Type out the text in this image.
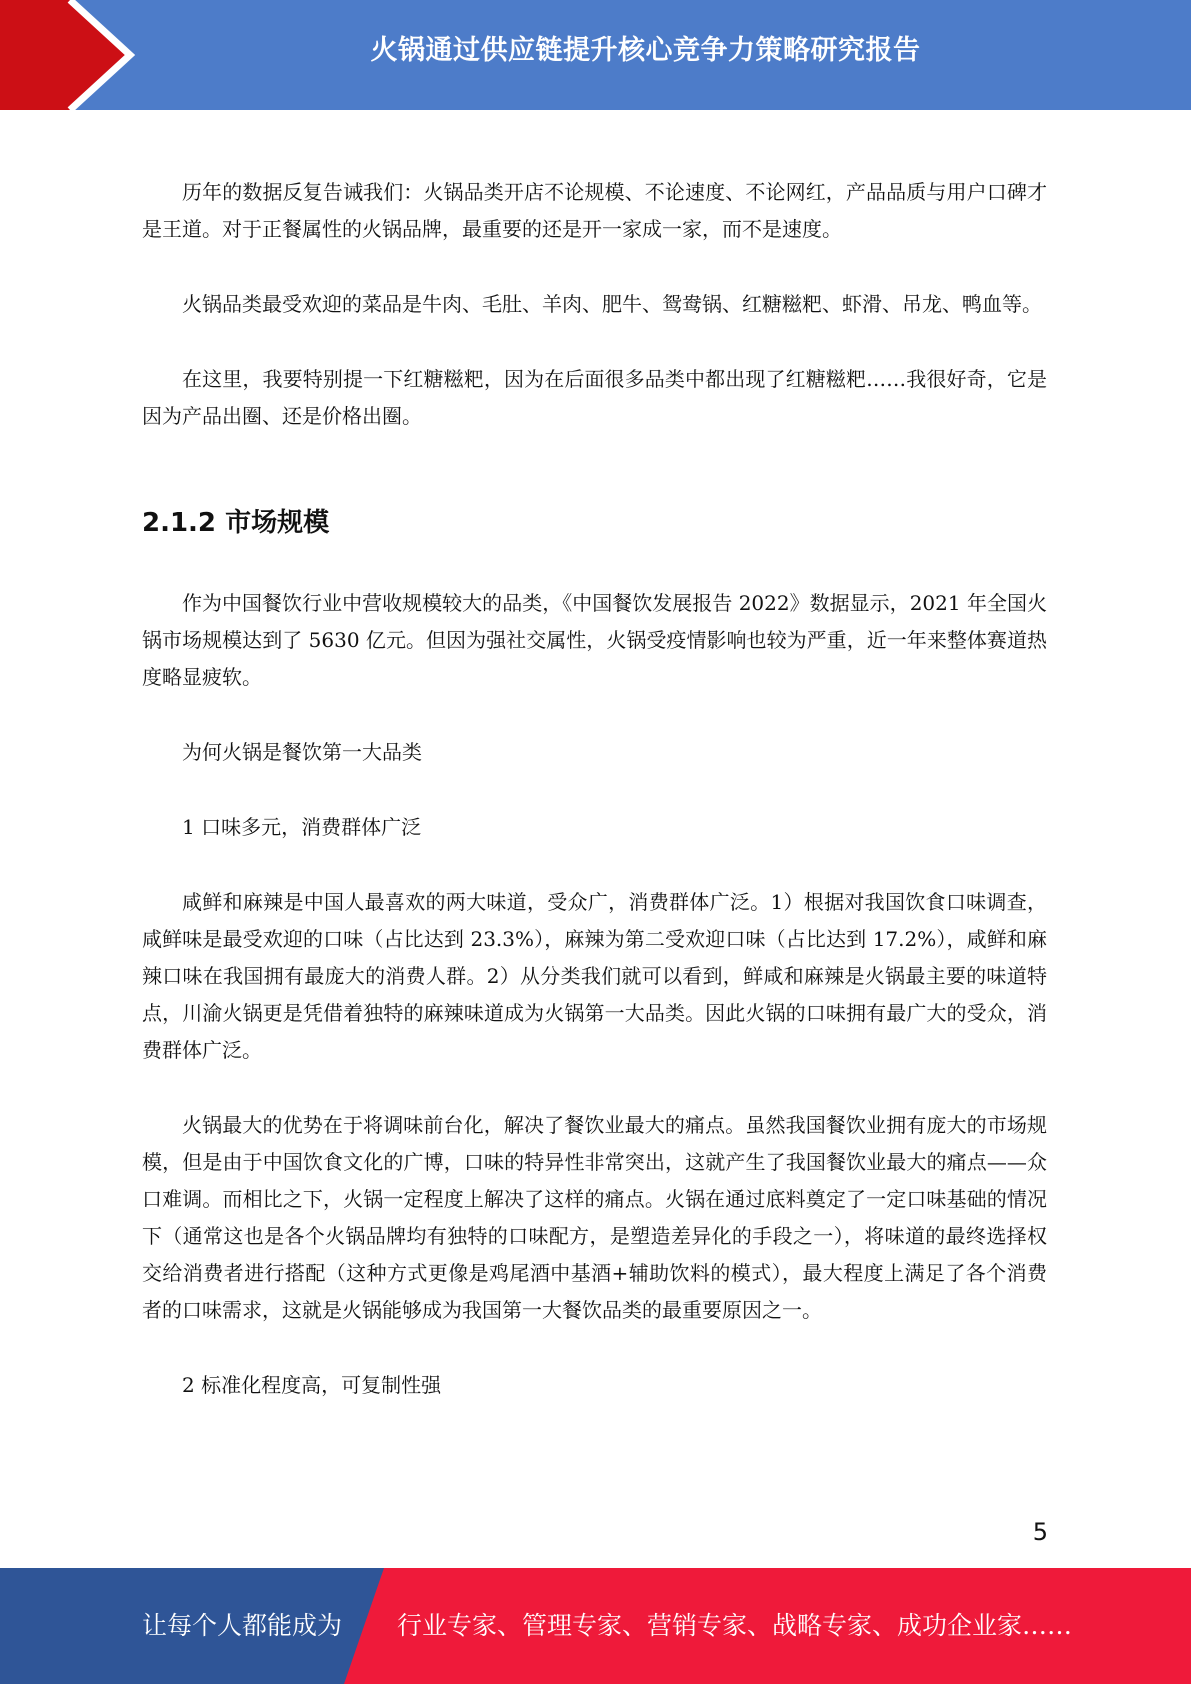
火锅通过供应链提升核心竞争力策略研究报告

历年的数据反复告诫我们：火锅品类开店不论规模、不论速度、不论网红，产品品质与用户口碑才是王道。对于正餐属性的火锅品牌，最重要的还是开一家成一家，而不是速度。

火锅品类最受欢迎的菜品是牛肉、毛肚、羊肉、肥牛、鸳鸯锅、红糖糍粑、虾滑、吊龙、鸭血等。

在这里，我要特别提一下红糖糍粑，因为在后面很多品类中都出现了红糖糍粑……我很好奇，它是因为产品出圈、还是价格出圈。

2.1.2 市场规模

作为中国餐饮行业中营收规模较大的品类，《中国餐饮发展报告 2022》数据显示，2021 年全国火锅市场规模达到了 5630 亿元。但因为强社交属性，火锅受疫情影响也较为严重，近一年来整体赛道热度略显疲软。

为何火锅是餐饮第一大品类

1 口味多元，消费群体广泛

咸鲜和麻辣是中国人最喜欢的两大味道，受众广，消费群体广泛。1）根据对我国饮食口味调查，咸鲜味是最受欢迎的口味（占比达到 23.3%），麻辣为第二受欢迎口味（占比达到 17.2%），咸鲜和麻辣口味在我国拥有最庞大的消费人群。2）从分类我们就可以看到，鲜咸和麻辣是火锅最主要的味道特点，川渝火锅更是凭借着独特的麻辣味道成为火锅第一大品类。因此火锅的口味拥有最广大的受众，消费群体广泛。

火锅最大的优势在于将调味前台化，解决了餐饮业最大的痛点。虽然我国餐饮业拥有庞大的市场规模，但是由于中国饮食文化的广博，口味的特异性非常突出，这就产生了我国餐饮业最大的痛点——众口难调。而相比之下，火锅一定程度上解决了这样的痛点。火锅在通过底料奠定了一定口味基础的情况下（通常这也是各个火锅品牌均有独特的口味配方，是塑造差异化的手段之一），将味道的最终选择权交给消费者进行搭配（这种方式更像是鸡尾酒中基酒+辅助饮料的模式），最大程度上满足了各个消费者的口味需求，这就是火锅能够成为我国第一大餐饮品类的最重要原因之一。

2 标准化程度高，可复制性强

5
让每个人都能成为 行业专家、管理专家、营销专家、战略专家、成功企业家……
